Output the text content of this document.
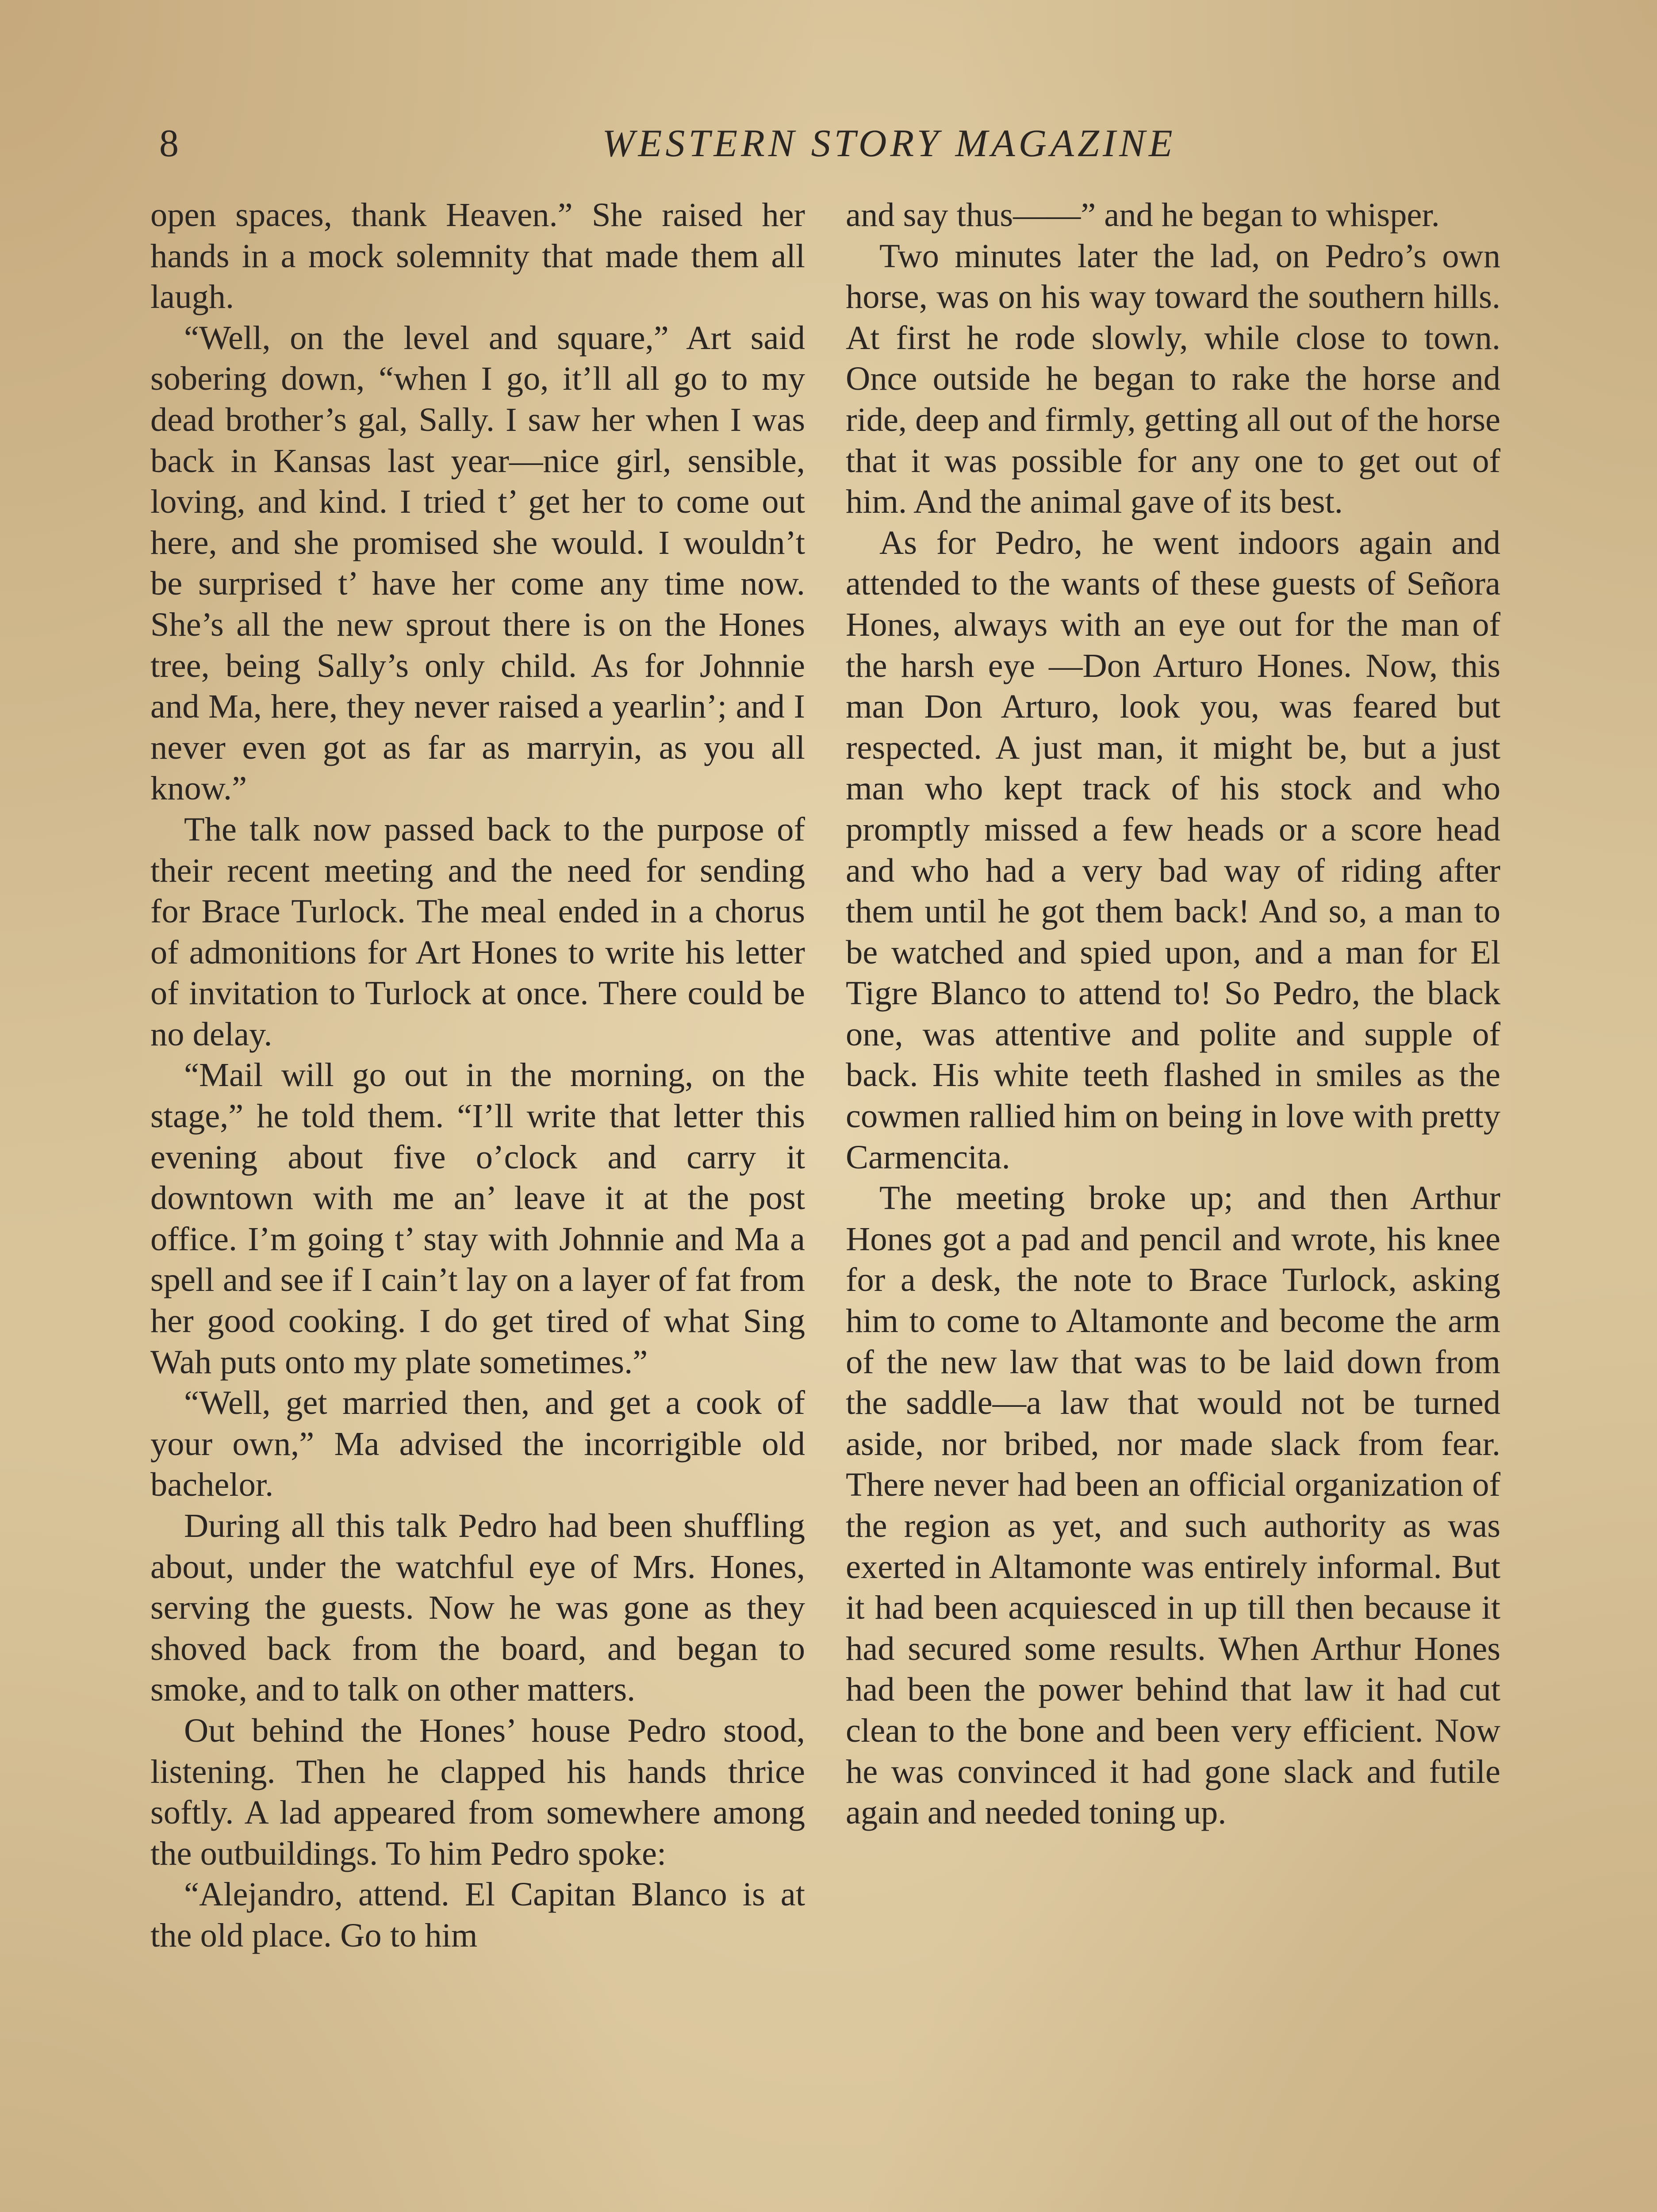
8	WESTERN STORY MAGAZINE

open spaces, thank Heaven.” She raised her hands in a mock solemnity that made them all laugh.

“Well, on the level and square,” Art said sobering down, “when I go, it’ll all go to my dead brother’s gal, Sally. I saw her when I was back in Kansas last year—nice girl, sensible, loving, and kind. I tried t’ get her to come out here, and she promised she would. I wouldn’t be surprised t’ have her come any time now. She’s all the new sprout there is on the Hones tree, being Sally’s only child. As for Johnnie and Ma, here, they never raised a yearlin’; and I never even got as far as marryin, as you all know.”

The talk now passed back to the purpose of their recent meeting and the need for sending for Brace Turlock. The meal ended in a chorus of admonitions for Art Hones to write his letter of invitation to Turlock at once. There could be no delay.

“Mail will go out in the morning, on the stage,” he told them. “I’ll write that letter this evening about five o’clock and carry it downtown with me an’ leave it at the post office. I’m going t’ stay with Johnnie and Ma a spell and see if I cain’t lay on a layer of fat from her good cooking. I do get tired of what Sing Wah puts onto my plate sometimes.”

“Well, get married then, and get a cook of your own,” Ma advised the incorrigible old bachelor.

During all this talk Pedro had been shuffling about, under the watchful eye of Mrs. Hones, serving the guests. Now he was gone as they shoved back from the board, and began to smoke, and to talk on other matters.

Out behind the Hones’ house Pedro stood, listening. Then he clapped his hands thrice softly. A lad appeared from somewhere among the outbuildings. To him Pedro spoke:

“Alejandro, attend. El Capitan Blanco is at the old place. Go to him

and say thus——” and he began to whisper.

Two minutes later the lad, on Pedro’s own horse, was on his way toward the southern hills. At first he rode slowly, while close to town. Once outside he began to rake the horse and ride, deep and firmly, getting all out of the horse that it was possible for any one to get out of him. And the animal gave of its best.

As for Pedro, he went indoors again and attended to the wants of these guests of Señora Hones, always with an eye out for the man of the harsh eye —Don Arturo Hones. Now, this man Don Arturo, look you, was feared but respected. A just man, it might be, but a just man who kept track of his stock and who promptly missed a few heads or a score head and who had a very bad way of riding after them until he got them back! And so, a man to be watched and spied upon, and a man for El Tigre Blanco to attend to! So Pedro, the black one, was attentive and polite and supple of back. His white teeth flashed in smiles as the cowmen rallied him on being in love with pretty Carmencita.

The meeting broke up; and then Arthur Hones got a pad and pencil and wrote, his knee for a desk, the note to Brace Turlock, asking him to come to Altamonte and become the arm of the new law that was to be laid down from the saddle—a law that would not be turned aside, nor bribed, nor made slack from fear. There never had been an official organization of the region as yet, and such authority as was exerted in Altamonte was entirely informal. But it had been acquiesced in up till then because it had secured some results. When Arthur Hones had been the power behind that law it had cut clean to the bone and been very efficient. Now he was convinced it had gone slack and futile again and needed toning up.
